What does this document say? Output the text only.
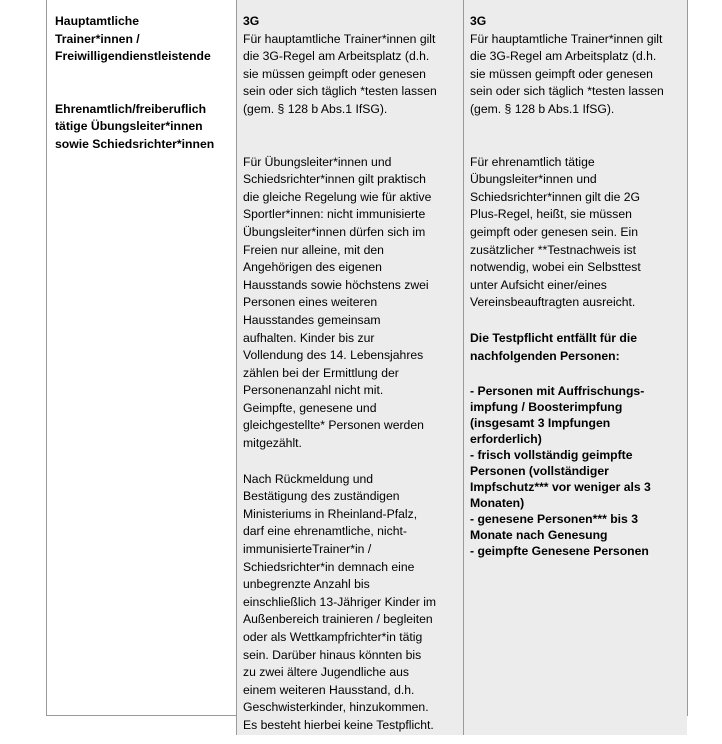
Hauptamtliche
Trainer*innen /
Freiwilligendienstleistende
Ehrenamtlich/freiberuflich
tätige Übungsleiter*innen
sowie Schiedsrichter*innen
3G
Für hauptamtliche Trainer*innen gilt
die 3G-Regel am Arbeitsplatz (d.h.
sie müssen geimpft oder genesen
sein oder sich täglich *testen lassen
(gem. § 128 b Abs.1 IfSG).
Für Übungsleiter*innen und
Schiedsrichter*innen gilt praktisch
die gleiche Regelung wie für aktive
Sportler*innen: nicht immunisierte
Übungsleiter*innen dürfen sich im
Freien nur alleine, mit den
Angehörigen des eigenen
Hausstands sowie höchstens zwei
Personen eines weiteren
Hausstandes gemeinsam
aufhalten. Kinder bis zur
Vollendung des 14. Lebensjahres
zählen bei der Ermittlung der
Personenanzahl nicht mit.
Geimpfte, genesene und
gleichgestellte* Personen werden
mitgezählt.
Nach Rückmeldung und
Bestätigung des zuständigen
Ministeriums in Rheinland-Pfalz,
darf eine ehrenamtliche, nicht-
immunisierteTrainer*in /
Schiedsrichter*in demnach eine
unbegrenzte Anzahl bis
einschließlich 13-Jähriger Kinder im
Außenbereich trainieren / begleiten
oder als Wettkampfrichter*in tätig
sein. Darüber hinaus könnten bis
zu zwei ältere Jugendliche aus
einem weiteren Hausstand, d.h.
Geschwisterkinder, hinzukommen.
Es besteht hierbei keine Testpflicht.
3G
Für hauptamtliche Trainer*innen gilt
die 3G-Regel am Arbeitsplatz (d.h.
sie müssen geimpft oder genesen
sein oder sich täglich *testen lassen
(gem. § 128 b Abs.1 IfSG).
Für ehrenamtlich tätige
Übungsleiter*innen und
Schiedsrichter*innen gilt die 2G
Plus-Regel, heißt, sie müssen
geimpft oder genesen sein. Ein
zusätzlicher **Testnachweis ist
notwendig, wobei ein Selbsttest
unter Aufsicht einer/eines
Vereinsbeauftragten ausreicht.
Die Testpflicht entfällt für die
nachfolgenden Personen:
- Personen mit Auffrischungs-
impfung / Boosterimpfung
(insgesamt 3 Impfungen
erforderlich)
- frisch vollständig geimpfte
Personen (vollständiger
Impfschutz*** vor weniger als 3
Monaten)
- genesene Personen*** bis 3
Monate nach Genesung
- geimpfte Genesene Personen
